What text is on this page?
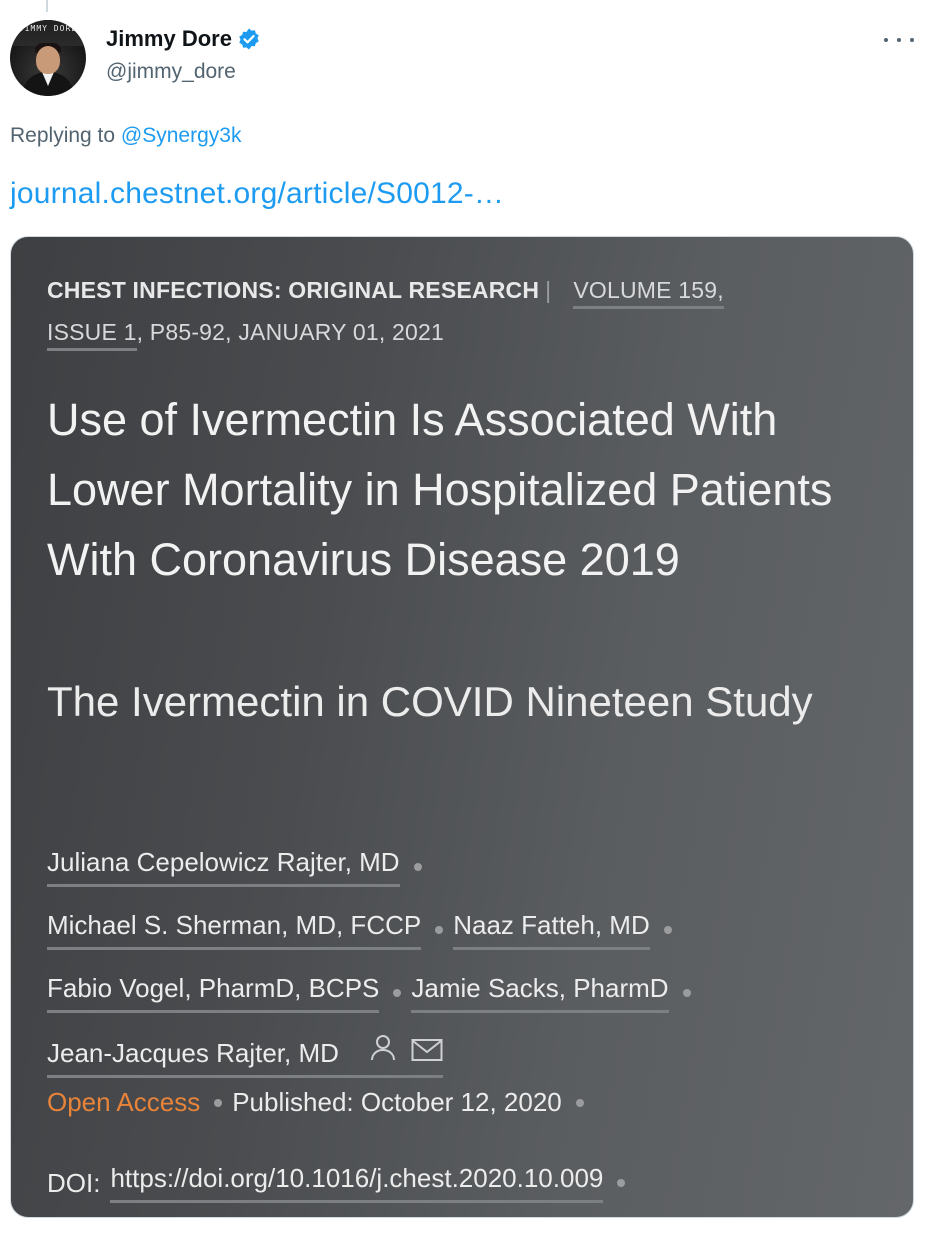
JIMMY DORE	Jimmy Dore
@jimmy_dore
Replying to @Synergy3k
journal.chestnet.org/article/S0012-…
CHEST INFECTIONS: ORIGINAL RESEARCH | VOLUME 159,
ISSUE 1, P85-92, JANUARY 01, 2021
Use of Ivermectin Is Associated With Lower Mortality in Hospitalized Patients With Coronavirus Disease 2019
The Ivermectin in COVID Nineteen Study
Juliana Cepelowicz Rajter, MD
Michael S. Sherman, MD, FCCP Naaz Fatteh, MD
Fabio Vogel, PharmD, BCPS Jamie Sacks, PharmD
Jean-Jacques Rajter, MD
Open Access Published: October 12, 2020
DOI: https://doi.org/10.1016/j.chest.2020.10.009
